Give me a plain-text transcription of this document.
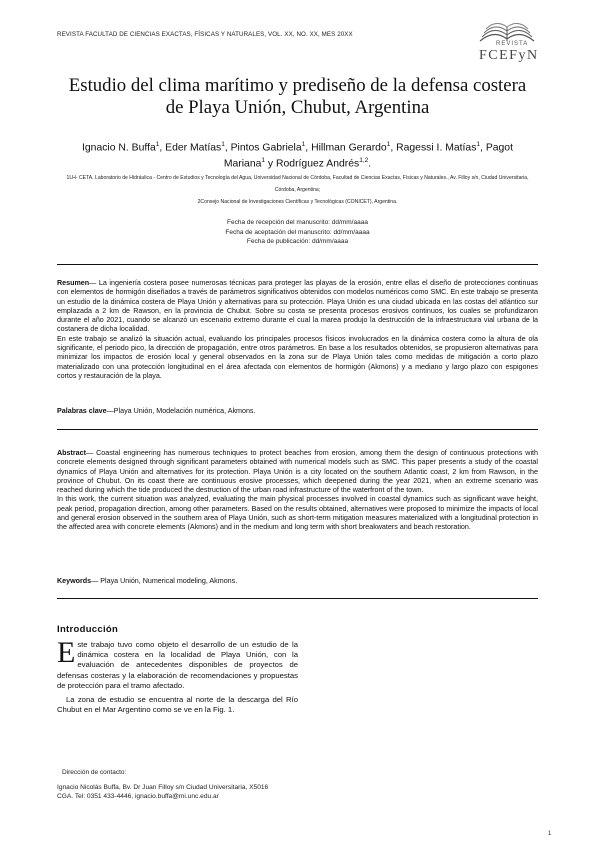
REVISTA FACULTAD DE CIENCIAS EXACTAS, FÍSICAS Y NATURALES, VOL. XX, NO. XX, MES 20XX
REVISTA
FCEFyN
Estudio del clima marítimo y prediseño de la defensa costera de Playa Unión, Chubut, Argentina
Ignacio N. Buffa$^1$, Eder Matías$^1$, Pintos Gabriela$^1$, Hillman Gerardo$^1$, Ragessi I. Matías$^1$, Pagot Mariana$^1$ y Rodríguez Andrés$^{1,2}$.
1LH- CETA. Laboratorio de Hidráulica - Centro de Estudios y Tecnología del Agua, Universidad Nacional de Córdoba, Facultad de Ciencias Exactas, Físicas y Naturales., Av. Filloy s/n, Ciudad Universitaria, Córdoba, Argentina;
2Consejo Nacional de Investigaciones Científicas y Tecnológicas (CONICET), Argentina.
Fecha de recepción del manuscrito: dd/mm/aaaa
Fecha de aceptación del manuscrito: dd/mm/aaaa
Fecha de publicación: dd/mm/aaaa

Resumen— La ingeniería costera posee numerosas técnicas para proteger las playas de la erosión, entre ellas el diseño de protecciones continuas con elementos de hormigón diseñados a través de parámetros significativos obtenidos con modelos numéricos como SMC. En este trabajo se presenta un estudio de la dinámica costera de Playa Unión y alternativas para su protección. Playa Unión es una ciudad ubicada en las costas del atlántico sur emplazada a 2 km de Rawson, en la provincia de Chubut. Sobre su costa se presenta procesos erosivos continuos, los cuales se profundizaron durante el año 2021, cuando se alcanzó un escenario extremo durante el cual la marea produjo la destrucción de la infraestructura vial urbana de la costanera de dicha localidad.

En este trabajo se analizó la situación actual, evaluando los principales procesos físicos involucrados en la dinámica costera como la altura de ola significante, el periodo pico, la dirección de propagación, entre otros parámetros. En base a los resultados obtenidos, se propusieron alternativas para minimizar los impactos de erosión local y general observados en la zona sur de Playa Unión tales como medidas de mitigación a corto plazo materializado con una protección longitudinal en el área afectada con elementos de hormigón (Akmons) y a mediano y largo plazo con espigones cortos y restauración de la playa.

Palabras clave—Playa Unión, Modelación numérica, Akmons.

Abstract— Coastal engineering has numerous techniques to protect beaches from erosion, among them the design of continuous protections with concrete elements designed through significant parameters obtained with numerical models such as SMC. This paper presents a study of the coastal dynamics of Playa Unión and alternatives for its protection. Playa Unión is a city located on the southern Atlantic coast, 2 km from Rawson, in the province of Chubut. On its coast there are continuous erosive processes, which deepened during the year 2021, when an extreme scenario was reached during which the tide produced the destruction of the urban road infrastructure of the waterfront of the town.

In this work, the current situation was analyzed, evaluating the main physical processes involved in coastal dynamics such as significant wave height, peak period, propagation direction, among other parameters. Based on the results obtained, alternatives were proposed to minimize the impacts of local and general erosion observed in the southern area of Playa Unión, such as short-term mitigation measures materialized with a longitudinal protection in the affected area with concrete elements (Akmons) and in the medium and long term with short breakwaters and beach restoration.

Keywords— Playa Unión, Numerical modeling, Akmons.
Introducción

Este trabajo tuvo como objeto el desarrollo de un estudio de la dinámica costera en la localidad de Playa Unión, con la evaluación de antecedentes disponibles de proyectos de defensas costeras y la elaboración de recomendaciones y propuestas de protección para el tramo afectado.

La zona de estudio se encuentra al norte de la descarga del Río Chubut en el Mar Argentino como se ve en la Fig. 1.

Dirección de contacto:
Ignacio Nicolás Buffa, Bv. Dr Juan Filloy s/n Ciudad Universitaria, X5016
CGA. Tel: 0351 433-4446, ignacio.buffa@mi.unc.edu.ar
1
